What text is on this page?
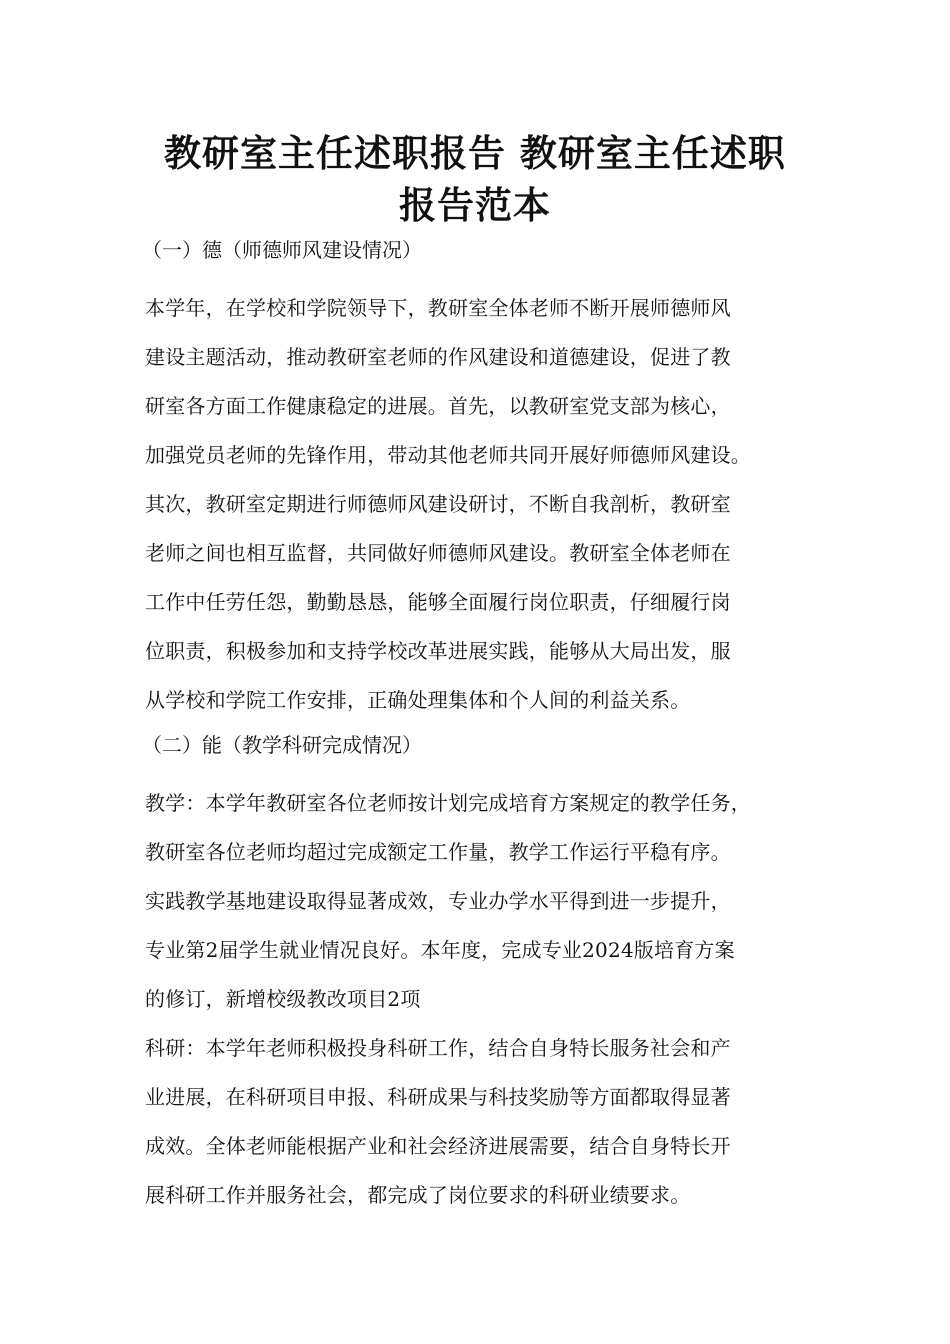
教研室主任述职报告 教研室主任述职
报告范本

（一）德（师德师风建设情况）

本学年，在学校和学院领导下，教研室全体老师不断开展师德师风
建设主题活动，推动教研室老师的作风建设和道德建设，促进了教
研室各方面工作健康稳定的进展。首先，以教研室党支部为核心，
加强党员老师的先锋作用，带动其他老师共同开展好师德师风建设。
其次，教研室定期进行师德师风建设研讨，不断自我剖析，教研室
老师之间也相互监督，共同做好师德师风建设。教研室全体老师在
工作中任劳任怨，勤勤恳恳，能够全面履行岗位职责，仔细履行岗
位职责，积极参加和支持学校改革进展实践，能够从大局出发，服
从学校和学院工作安排，正确处理集体和个人间的利益关系。

（二）能（教学科研完成情况）

教学：本学年教研室各位老师按计划完成培育方案规定的教学任务，
教研室各位老师均超过完成额定工作量，教学工作运行平稳有序。
实践教学基地建设取得显著成效，专业办学水平得到进一步提升，
专业第2届学生就业情况良好。本年度，完成专业2024版培育方案
的修订，新增校级教改项目2项
科研：本学年老师积极投身科研工作，结合自身特长服务社会和产
业进展，在科研项目申报、科研成果与科技奖励等方面都取得显著
成效。全体老师能根据产业和社会经济进展需要，结合自身特长开
展科研工作并服务社会，都完成了岗位要求的科研业绩要求。
